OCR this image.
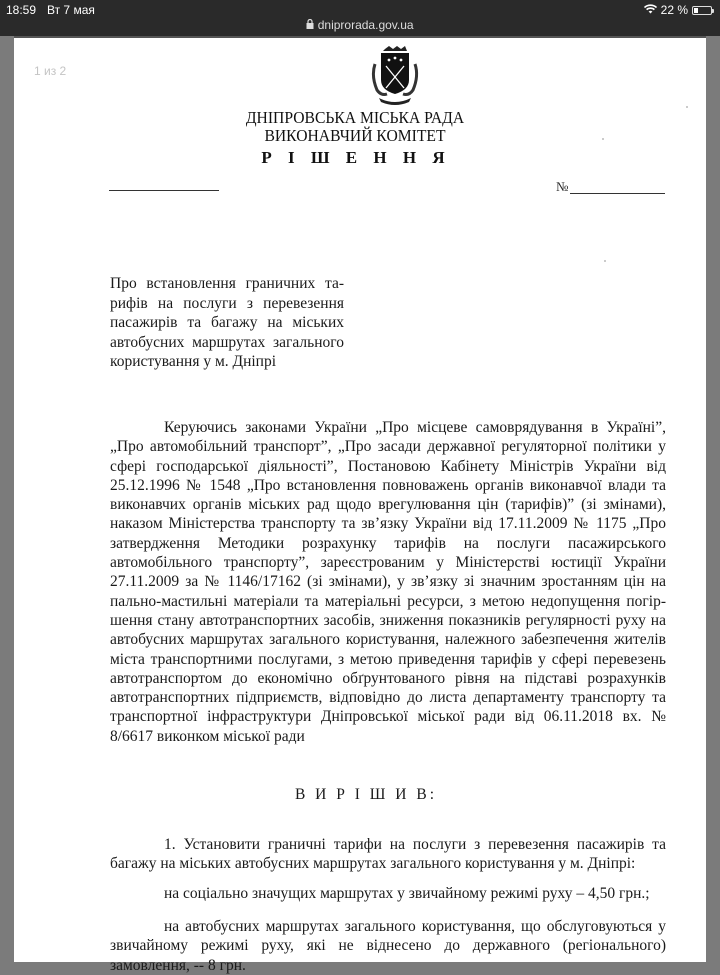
18:59 Вт 7 мая	22 %
dniprorada.gov.ua
1 из 2
ДНІПРОВСЬКА МІСЬКА РАДА
ВИКОНАВЧИЙ КОМІТЕТ
Р І Ш Е Н Н Я
№
Про встановлення граничних та-рифів на послуги з перевезення пасажирів та багажу на міських автобусних маршрутах загального користування у м. Дніпрі
Керуючись законами України „Про місцеве самоврядування в Україні”, „Про автомобільний транспорт”, „Про засади державної регуляторної політики у сфері господарської діяльності”, Постановою Кабінету Міністрів України від 25.12.1996 № 1548 „Про встановлення повноважень органів виконавчої влади та виконавчих органів міських рад щодо врегулювання цін (тарифів)” (зі змінами), наказом Міністерства транспорту та зв’язку України від 17.11.2009 № 1175 „Про затвердження Методики розрахунку тарифів на послуги пасажирського автомобільного транспорту”, зареєстрованим у Міністерстві юстиції України 27.11.2009 за № 1146/17162 (зі змінами), у зв’язку зі значним зростанням цін на пально-мастильні матеріали та матеріальні ресурси, з метою недопущення погір-шення стану автотранспортних засобів, зниження показників регулярності руху на автобусних маршрутах загального користування, належного забезпечення жителів міста транспортними послугами, з метою приведення тарифів у сфері перевезень автотранспортом до економічно обґрунтованого рівня на підставі розрахунків автотранспортних підприємств, відповідно до листа департаменту транспорту та транспортної інфраструктури Дніпровської міської ради від 06.11.2018 вх. № 8/6617 виконком міської ради
В И Р І Ш И В:
1. Установити граничні тарифи на послуги з перевезення пасажирів та багажу на міських автобусних маршрутах загального користування у м. Дніпрі:
на соціально значущих маршрутах у звичайному режимі руху – 4,50 грн.;
на автобусних маршрутах загального користування, що обслуговуються у звичайному режимі руху, які не віднесено до державного (регіонального) замовлення, -- 8 грн.
